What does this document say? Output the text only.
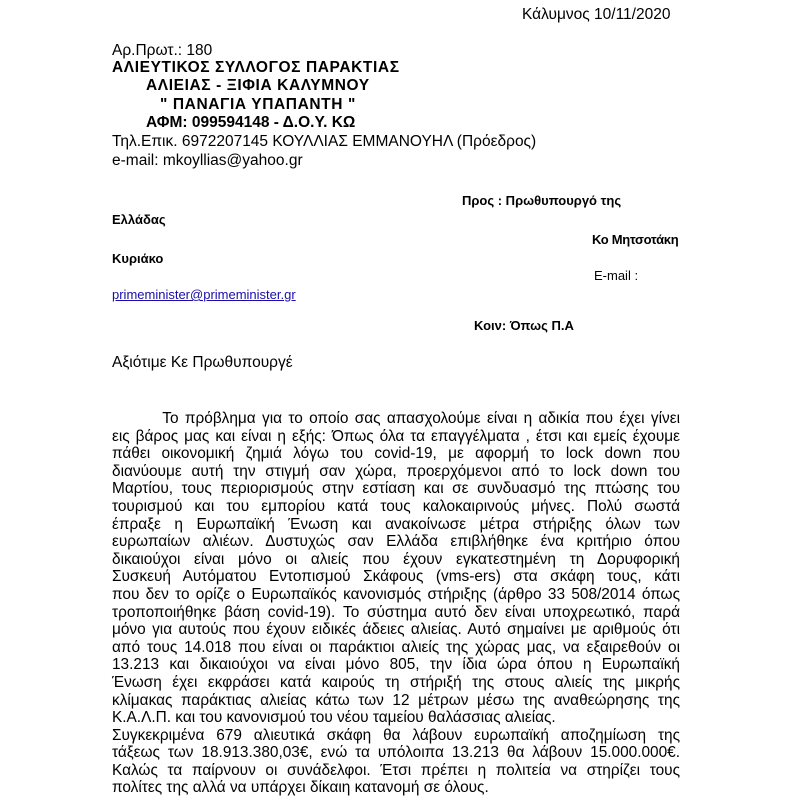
Κάλυμνος 10/11/2020
Αρ.Πρωτ.: 180
ΑΛΙΕΥΤΙΚΟΣ ΣΥΛΛΟΓΟΣ ΠΑΡΑΚΤΙΑΣ
ΑΛΙΕΙΑΣ - ΞΙΦΙΑ ΚΑΛΥΜΝΟΥ
" ΠΑΝΑΓΙΑ ΥΠΑΠΑΝΤΗ "
ΑΦΜ: 099594148 - Δ.Ο.Υ. ΚΩ
Τηλ.Επικ. 6972207145 ΚΟΥΛΛΙΑΣ ΕΜΜΑΝΟΥΗΛ (Πρόεδρος)
e-mail: mkoyllias@yahoo.gr
Προς : Πρωθυπουργό της
Ελλάδας
Κο Μητσοτάκη
Κυριάκο
E-mail :
primeminister@primeminister.gr
Κοιν: Όπως Π.Α
Αξιότιμε Κε Πρωθυπουργέ
Το πρόβλημα για το οποίο σας απασχολούμε είναι η αδικία που έχει γίνει
εις βάρος μας και είναι η εξής: Όπως όλα τα επαγγέλματα , έτσι και εμείς έχουμε
πάθει οικονομική ζημιά λόγω του covid-19, με αφορμή το lock down που
διανύουμε αυτή την στιγμή σαν χώρα, προερχόμενοι από το lock down του
Μαρτίου, τους περιορισμούς στην εστίαση και σε συνδυασμό της πτώσης του
τουρισμού και του εμπορίου κατά τους καλοκαιρινούς μήνες. Πολύ σωστά
έπραξε η Ευρωπαϊκή Ένωση και ανακοίνωσε μέτρα στήριξης όλων των
ευρωπαίων αλιέων. Δυστυχώς σαν Ελλάδα επιβλήθηκε ένα κριτήριο όπου
δικαιούχοι είναι μόνο οι αλιείς που έχουν εγκατεστημένη τη Δορυφορική
Συσκευή Αυτόματου Εντοπισμού Σκάφους (vms-ers) στα σκάφη τους, κάτι
που δεν το ορίζε ο Ευρωπαϊκός κανονισμός στήριξης (άρθρο 33 508/2014 όπως
τροποποιήθηκε βάση covid-19). Το σύστημα αυτό δεν είναι υποχρεωτικό, παρά
μόνο για αυτούς που έχουν ειδικές άδειες αλιείας. Αυτό σημαίνει με αριθμούς ότι
από τους 14.018 που είναι οι παράκτιοι αλιείς της χώρας μας, να εξαιρεθούν οι
13.213 και δικαιούχοι να είναι μόνο 805, την ίδια ώρα όπου η Ευρωπαϊκή
Ένωση έχει εκφράσει κατά καιρούς τη στήριξή της στους αλιείς της μικρής
κλίμακας παράκτιας αλιείας κάτω των 12 μέτρων μέσω της αναθεώρησης της
Κ.Α.Λ.Π. και του κανονισμού του νέου ταμείου θαλάσσιας αλιείας.
Συγκεκριμένα 679 αλιευτικά σκάφη θα λάβουν ευρωπαϊκή αποζημίωση της
τάξεως των 18.913.380,03€, ενώ τα υπόλοιπα 13.213 θα λάβουν 15.000.000€.
Καλώς τα παίρνουν οι συνάδελφοι. Έτσι πρέπει η πολιτεία να στηρίζει τους
πολίτες της αλλά να υπάρχει δίκαιη κατανομή σε όλους.
